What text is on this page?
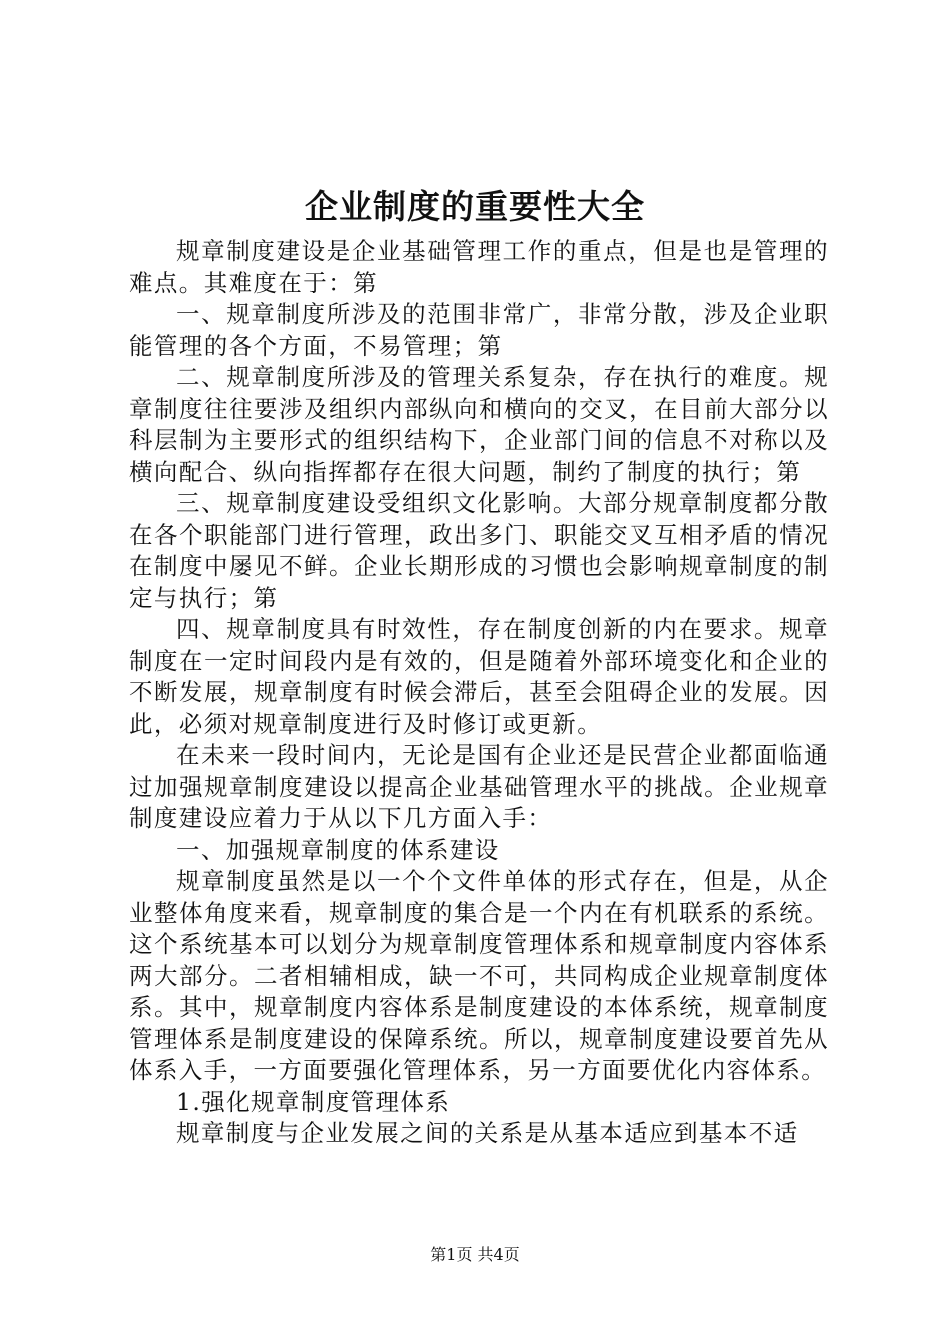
企业制度的重要性大全

规章制度建设是企业基础管理工作的重点，但是也是管理的难点。其难度在于：第

一、规章制度所涉及的范围非常广，非常分散，涉及企业职能管理的各个方面，不易管理；第

二、规章制度所涉及的管理关系复杂，存在执行的难度。规章制度往往要涉及组织内部纵向和横向的交叉，在目前大部分以科层制为主要形式的组织结构下，企业部门间的信息不对称以及横向配合、纵向指挥都存在很大问题，制约了制度的执行；第

三、规章制度建设受组织文化影响。大部分规章制度都分散在各个职能部门进行管理，政出多门、职能交叉互相矛盾的情况在制度中屡见不鲜。企业长期形成的习惯也会影响规章制度的制定与执行；第

四、规章制度具有时效性，存在制度创新的内在要求。规章制度在一定时间段内是有效的，但是随着外部环境变化和企业的不断发展，规章制度有时候会滞后，甚至会阻碍企业的发展。因此，必须对规章制度进行及时修订或更新。

在未来一段时间内，无论是国有企业还是民营企业都面临通过加强规章制度建设以提高企业基础管理水平的挑战。企业规章制度建设应着力于从以下几方面入手：

一、加强规章制度的体系建设

规章制度虽然是以一个个文件单体的形式存在，但是，从企业整体角度来看，规章制度的集合是一个内在有机联系的系统。这个系统基本可以划分为规章制度管理体系和规章制度内容体系两大部分。二者相辅相成，缺一不可，共同构成企业规章制度体系。其中，规章制度内容体系是制度建设的本体系统，规章制度管理体系是制度建设的保障系统。所以，规章制度建设要首先从体系入手，一方面要强化管理体系，另一方面要优化内容体系。

1.强化规章制度管理体系

规章制度与企业发展之间的关系是从基本适应到基本不适

第1页 共4页
